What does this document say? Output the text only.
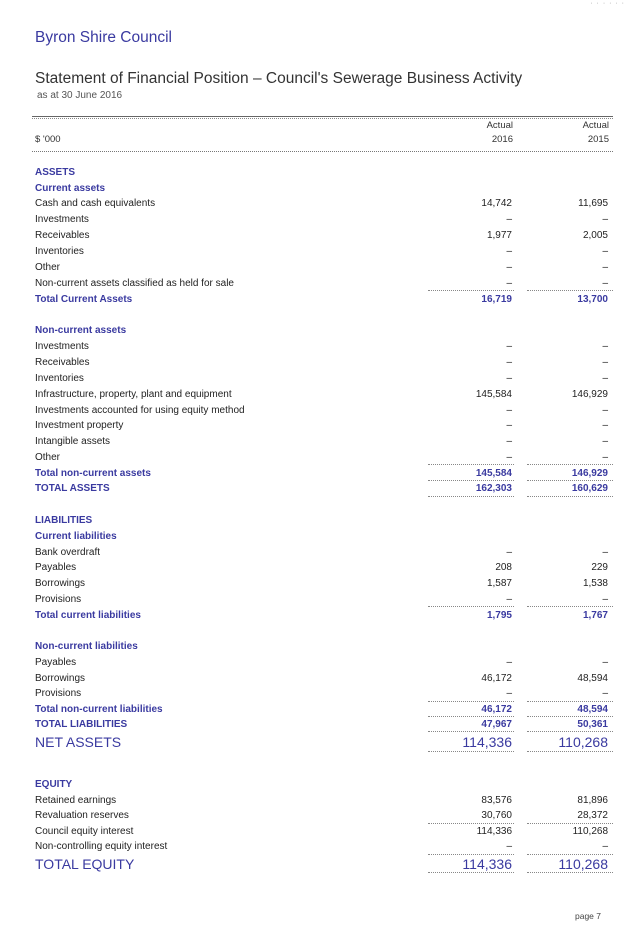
· · · · · ·
Byron Shire Council
Statement of Financial Position – Council's Sewerage Business Activity
as at 30 June 2016
Actual
2016
Actual
2015
$ '000
ASSETS
Current assets
Cash and cash equivalents	14,742	11,695
Investments	–	–
Receivables	1,977	2,005
Inventories	–	–
Other	–	–
Non-current assets classified as held for sale	–	–
Total Current Assets	16,719	13,700
Non-current assets
Investments	–	–
Receivables	–	–
Inventories	–	–
Infrastructure, property, plant and equipment	145,584	146,929
Investments accounted for using equity method	–	–
Investment property	–	–
Intangible assets	–	–
Other	–	–
Total non-current assets	145,584	146,929
TOTAL ASSETS	162,303	160,629
LIABILITIES
Current liabilities
Bank overdraft	–	–
Payables	208	229
Borrowings	1,587	1,538
Provisions	–	–
Total current liabilities	1,795	1,767
Non-current liabilities
Payables	–	–
Borrowings	46,172	48,594
Provisions	–	–
Total non-current liabilities	46,172	48,594
TOTAL LIABILITIES	47,967	50,361
NET ASSETS	114,336	110,268
EQUITY
Retained earnings	83,576	81,896
Revaluation reserves	30,760	28,372
Council equity interest	114,336	110,268
Non-controlling equity interest	–	–
TOTAL EQUITY	114,336	110,268
page 7
